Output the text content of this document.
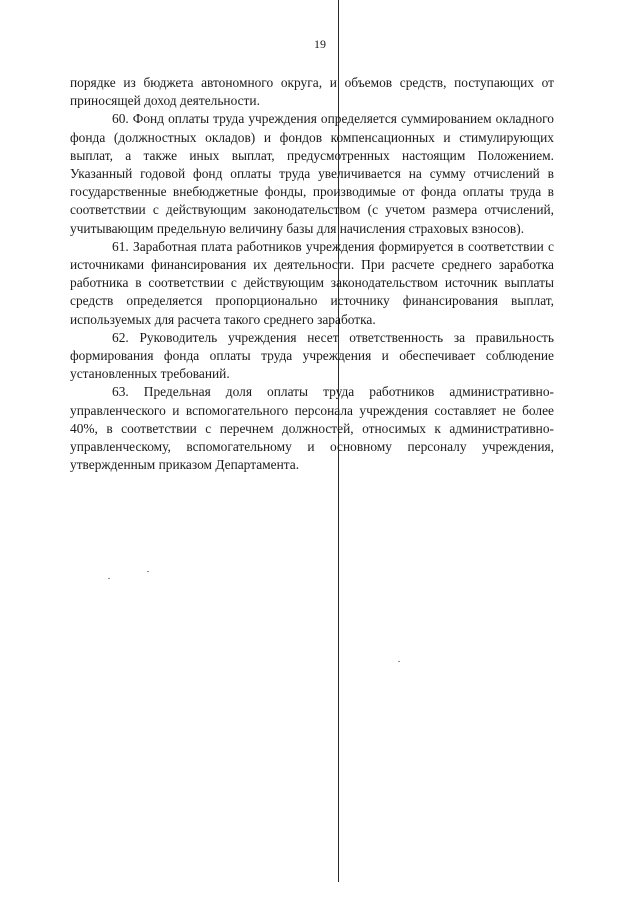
19

порядке из бюджета автономного округа, и объемов средств, поступающих от приносящей доход деятельности.

60. Фонд оплаты труда учреждения определяется суммированием окладного фонда (должностных окладов) и фондов компенсационных и стимулирующих выплат, а также иных выплат, предусмотренных настоящим Положением. Указанный годовой фонд оплаты труда увеличивается на сумму отчислений в государственные внебюджетные фонды, производимые от фонда оплаты труда в соответствии с действующим законодательством (с учетом размера отчислений, учитывающим предельную величину базы для начисления страховых взносов).

61. Заработная плата работников учреждения формируется в соответствии с источниками финансирования их деятельности. При расчете среднего заработка работника в соответствии с действующим законодательством источник выплаты средств определяется пропорционально источнику финансирования выплат, используемых для расчета такого среднего заработка.

62. Руководитель учреждения несет ответственность за правильность формирования фонда оплаты труда учреждения и обеспечивает соблюдение установленных требований.

63. Предельная доля оплаты труда работников административно-управленческого и вспомогательного персонала учреждения составляет не более 40%, в соответствии с перечнем должностей, относимых к административно-управленческому, вспомогательному и основному персоналу учреждения, утвержденным приказом Департамента.
